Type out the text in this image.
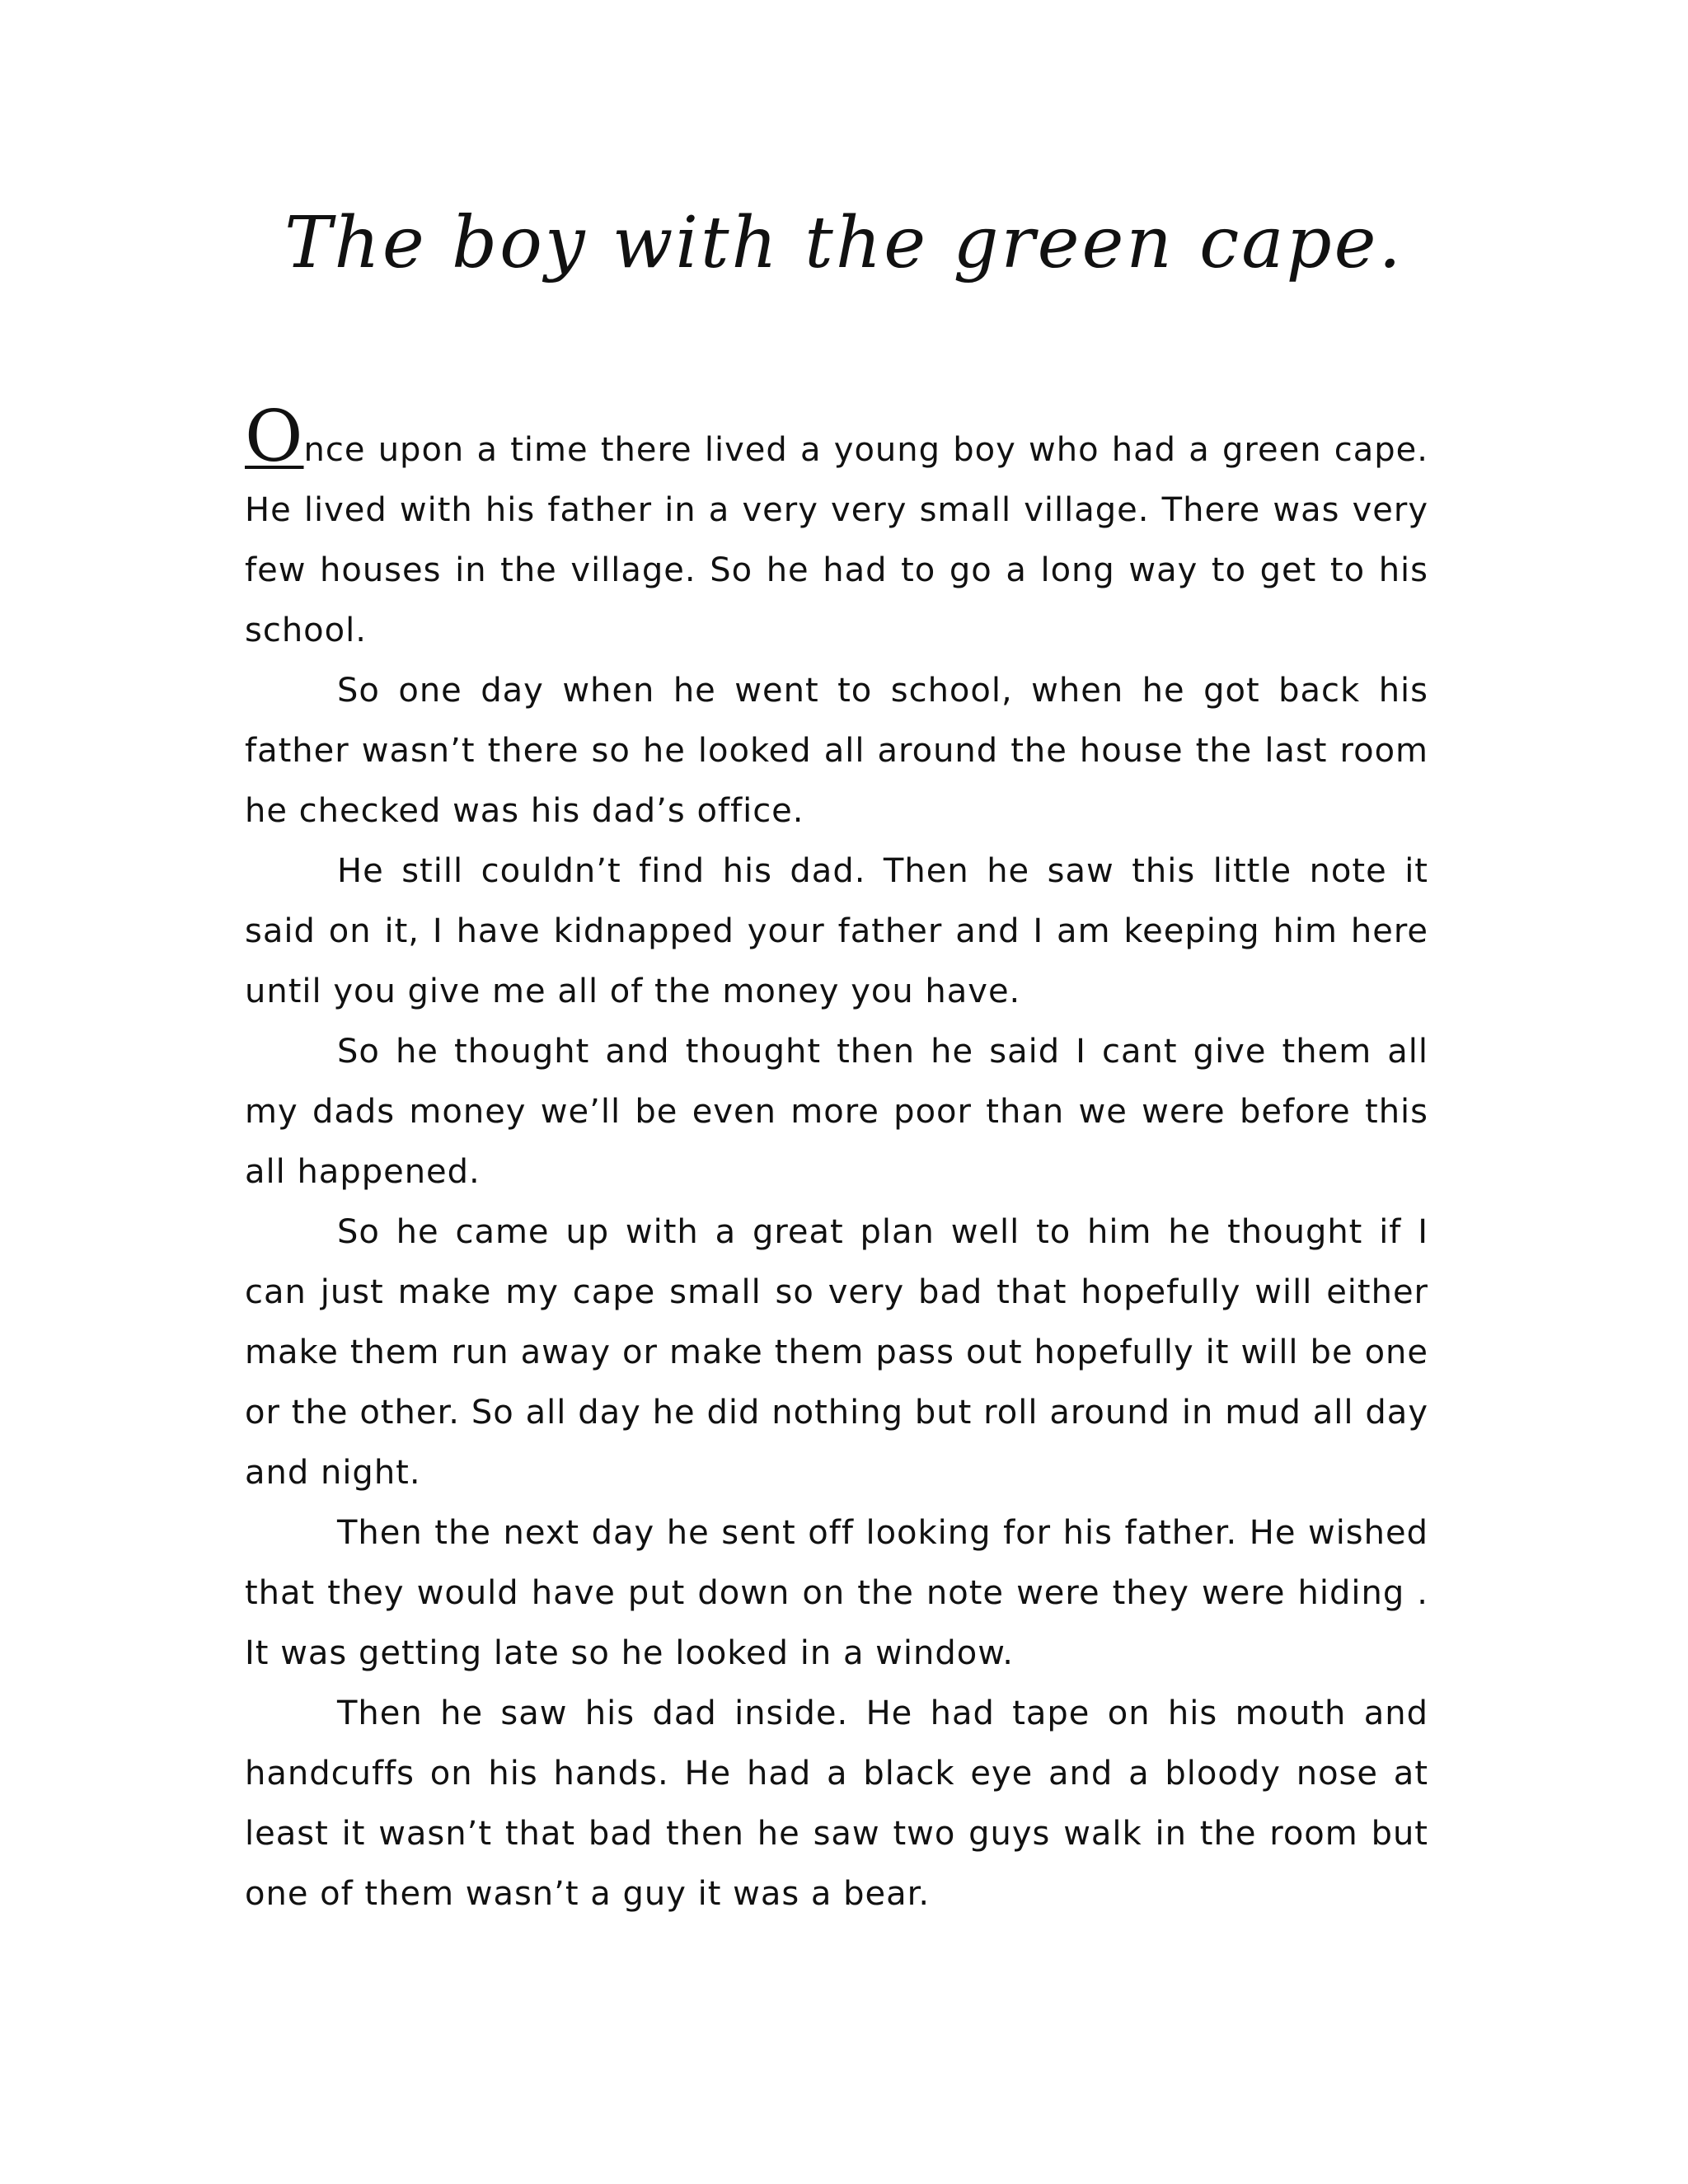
The boy with the green cape.

Once upon a time there lived a young boy who had a green cape. He lived with his father in a very very small village. There was very few houses in the village. So he had to go a long way to get to his school.

So one day when he went to school, when he got back his father wasn’t there so he looked all around the house the last room he checked was his dad’s office.

He still couldn’t find his dad. Then he saw this little note it said on it, I have kidnapped your father and I am keeping him here until you give me all of the money you have.

So he thought and thought then he said I cant give them all my dads money we’ll be even more poor than we were before this all happened.

So he came up with a great plan well to him he thought if I can just make my cape small so very bad that hopefully will either make them run away or make them pass out hopefully it will be one or the other. So all day he did nothing but roll around in mud all day and night.

Then the next day he sent off looking for his father. He wished that they would have put down on the note were they were hiding . It was getting late so he looked in a window.

Then he saw his dad inside. He had tape on his mouth and handcuffs on his hands. He had a black eye and a bloody nose at least it wasn’t that bad then he saw two guys walk in the room but one of them wasn’t a guy it was a bear.
